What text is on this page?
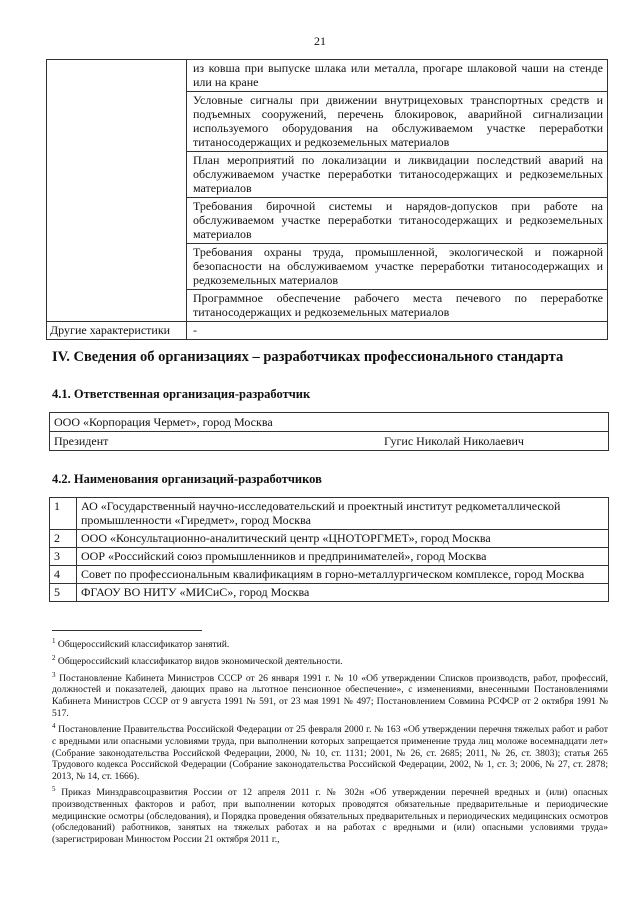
21
	из ковша при выпуске шлака или металла, прогаре шлаковой чаши на стенде или на кране
	Условные сигналы при движении внутрицеховых транспортных средств и подъемных сооружений, перечень блокировок, аварийной сигнализации используемого оборудования на обслуживаемом участке переработки титаносодержащих и редкоземельных материалов
	План мероприятий по локализации и ликвидации последствий аварий на обслуживаемом участке переработки титаносодержащих и редкоземельных материалов
	Требования бирочной системы и нарядов-допусков при работе на обслуживаемом участке переработки титаносодержащих и редкоземельных материалов
	Требования охраны труда, промышленной, экологической и пожарной безопасности на обслуживаемом участке переработки титаносодержащих и редкоземельных материалов
	Программное обеспечение рабочего места печевого по переработке титаносодержащих и редкоземельных материалов
Другие характеристики	-
IV. Сведения об организациях – разработчиках профессионального стандарта
4.1. Ответственная организация-разработчик
ООО «Корпорация Чермет», город Москва
Президент	Гугис Николай Николаевич
4.2. Наименования организаций-разработчиков
1	АО «Государственный научно-исследовательский и проектный институт редкометаллической промышленности «Гиредмет», город Москва
2	ООО «Консультационно-аналитический центр «ЦНОТОРГМЕТ», город Москва
3	ООР «Российский союз промышленников и предпринимателей», город Москва
4	Совет по профессиональным квалификациям в горно-металлургическом комплексе, город Москва
5	ФГАОУ ВО НИТУ «МИСиС», город Москва

$^1$ Общероссийский классификатор занятий.

$^2$ Общероссийский классификатор видов экономической деятельности.

$^3$ Постановление Кабинета Министров СССР от 26 января 1991 г. № 10 «Об утверждении Списков производств, работ, профессий, должностей и показателей, дающих право на льготное пенсионное обеспечение», с изменениями, внесенными Постановлениями Кабинета Министров СССР от 9 августа 1991 № 591, от 23 мая 1991 № 497; Постановлением Совмина РСФСР от 2 октября 1991 № 517.

$^4$ Постановление Правительства Российской Федерации от 25 февраля 2000 г. № 163 «Об утверждении перечня тяжелых работ и работ с вредными или опасными условиями труда, при выполнении которых запрещается применение труда лиц моложе восемнадцати лет» (Собрание законодательства Российской Федерации, 2000, № 10, ст. 1131; 2001, № 26, ст. 2685; 2011, № 26, ст. 3803); статья 265 Трудового кодекса Российской Федерации (Собрание законодательства Российской Федерации, 2002, № 1, ст. 3; 2006, № 27, ст. 2878; 2013, № 14, ст. 1666).

$^5$ Приказ Минздравсоцразвития России от 12 апреля 2011 г. № 302н «Об утверждении перечней вредных и (или) опасных производственных факторов и работ, при выполнении которых проводятся обязательные предварительные и периодические медицинские осмотры (обследования), и Порядка проведения обязательных предварительных и периодических медицинских осмотров (обследований) работников, занятых на тяжелых работах и на работах с вредными и (или) опасными условиями труда» (зарегистрирован Минюстом России 21 октября 2011 г.,
